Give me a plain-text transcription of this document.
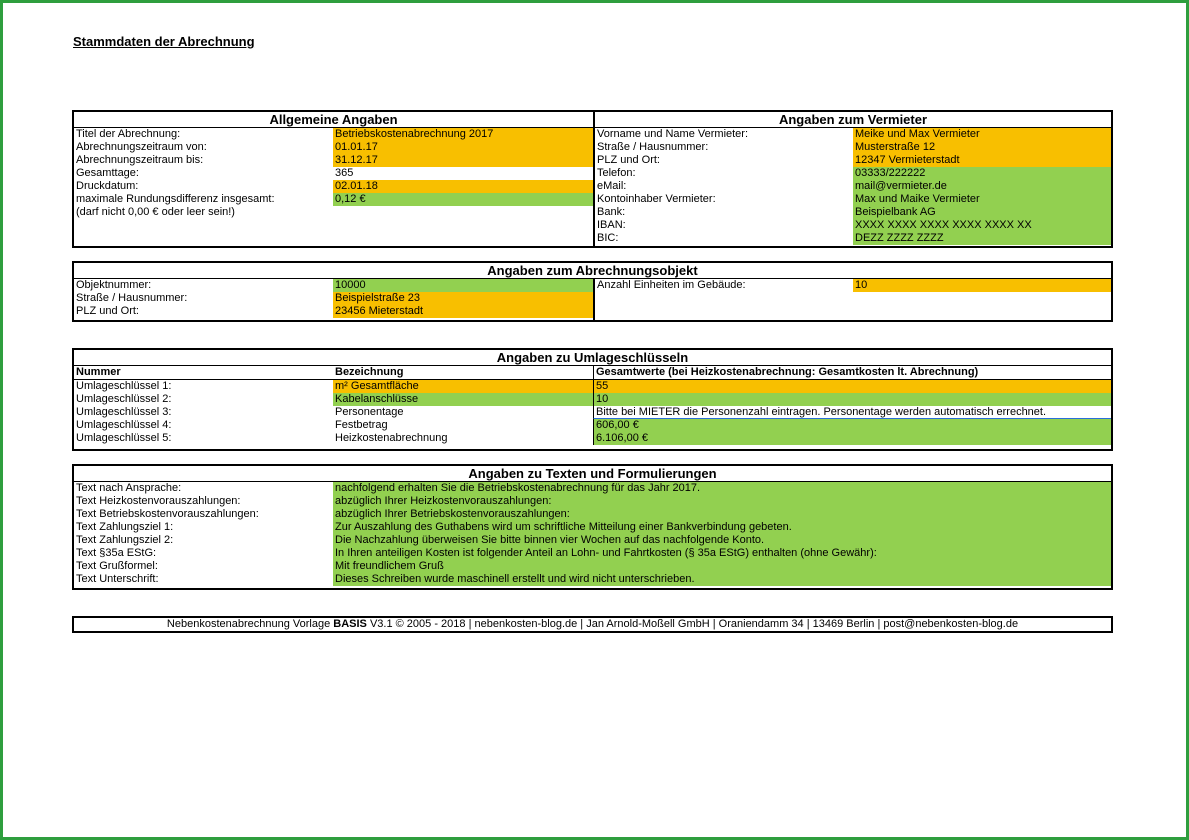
Stammdaten der Abrechnung
Allgemeine Angaben
Titel der Abrechnung:	Betriebskostenabrechnung 2017
Abrechnungszeitraum von:	01.01.17
Abrechnungszeitraum bis:	31.12.17
Gesamttage:	365
Druckdatum:	02.01.18
maximale Rundungsdifferenz insgesamt:	0,12 €
(darf nicht 0,00 € oder leer sein!)
Angaben zum Vermieter
Vorname und Name Vermieter:	Meike und Max Vermieter
Straße / Hausnummer:	Musterstraße 12
PLZ und Ort:	12347 Vermieterstadt
Telefon:	03333/222222
eMail:	mail@vermieter.de
Kontoinhaber Vermieter:	Max und Maike Vermieter
Bank:	Beispielbank AG
IBAN:	XXXX XXXX XXXX XXXX XXXX XX
BIC:	DEZZ ZZZZ ZZZZ
Angaben zum Abrechnungsobjekt
Objektnummer:	10000
Straße / Hausnummer:	Beispielstraße 23
PLZ und Ort:	23456 Mieterstadt
Anzahl Einheiten im Gebäude:	10
Angaben zu Umlageschlüsseln
Nummer	Bezeichnung	Gesamtwerte (bei Heizkostenabrechnung: Gesamtkosten lt. Abrechnung)
Umlageschlüssel 1:	m² Gesamtfläche	55
Umlageschlüssel 2:	Kabelanschlüsse	10
Umlageschlüssel 3:	Personentage	Bitte bei MIETER die Personenzahl eintragen. Personentage werden automatisch errechnet.
Umlageschlüssel 4:	Festbetrag	606,00 €
Umlageschlüssel 5:	Heizkostenabrechnung	6.106,00 €
Angaben zu Texten und Formulierungen
Text nach Ansprache:	nachfolgend erhalten Sie die Betriebskostenabrechnung für das Jahr 2017.
Text Heizkostenvorauszahlungen:	abzüglich Ihrer Heizkostenvorauszahlungen:
Text Betriebskostenvorauszahlungen:	abzüglich Ihrer Betriebskostenvorauszahlungen:
Text Zahlungsziel 1:	Zur Auszahlung des Guthabens wird um schriftliche Mitteilung einer Bankverbindung gebeten.
Text Zahlungsziel 2:	Die Nachzahlung überweisen Sie bitte binnen vier Wochen auf das nachfolgende Konto.
Text §35a EStG:	In Ihren anteiligen Kosten ist folgender Anteil an Lohn- und Fahrtkosten (§ 35a EStG) enthalten (ohne Gewähr):
Text Grußformel:	Mit freundlichem Gruß
Text Unterschrift:	Dieses Schreiben wurde maschinell erstellt und wird nicht unterschrieben.
Nebenkostenabrechnung Vorlage BASIS V3.1 © 2005 - 2018 | nebenkosten-blog.de | Jan Arnold-Moßell GmbH | Oraniendamm 34 | 13469 Berlin | post@nebenkosten-blog.de
